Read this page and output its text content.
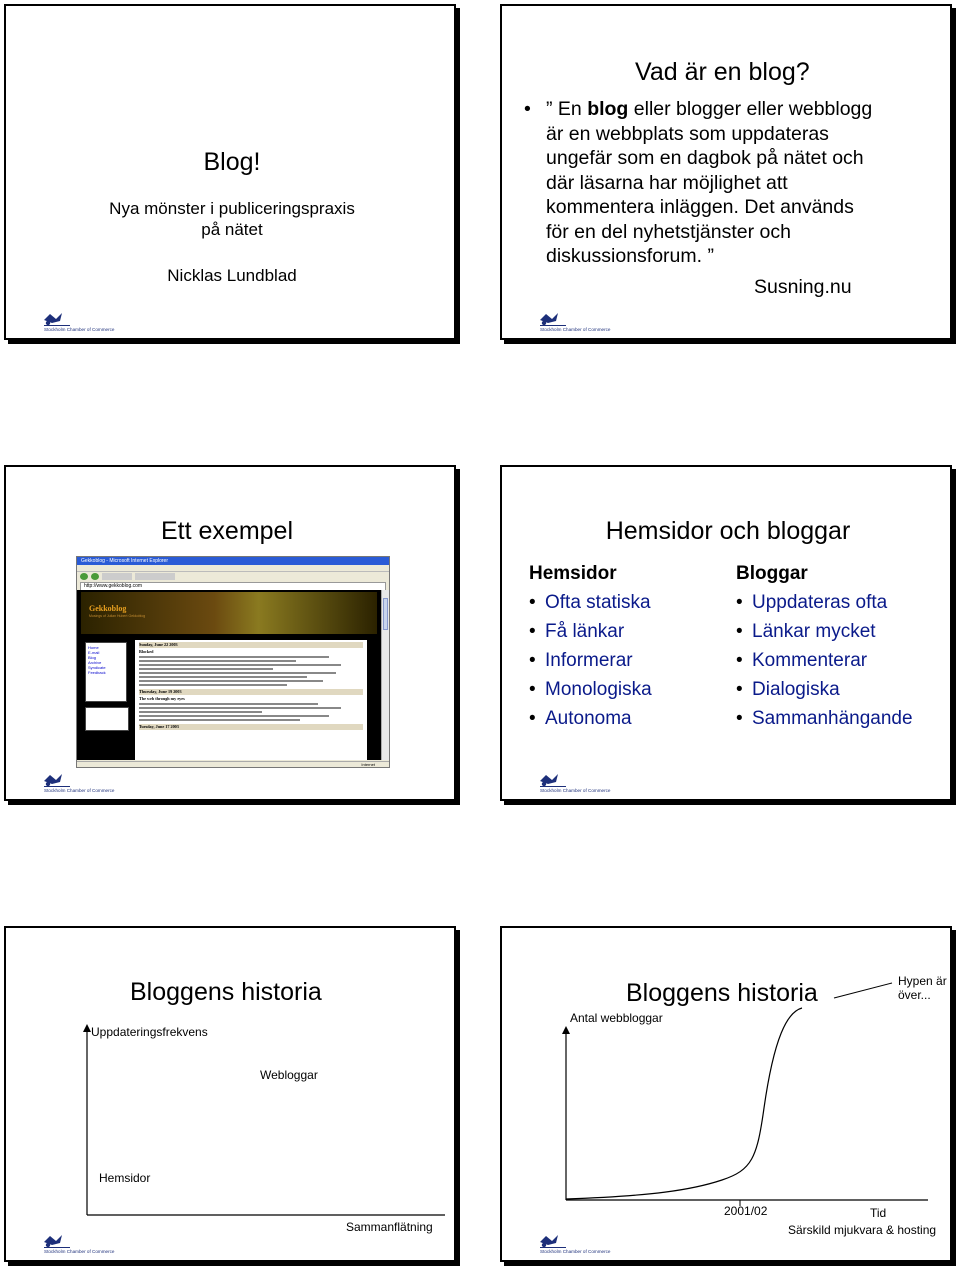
Blog!
Nya mönster i publiceringspraxis
på nätet
Nicklas Lundblad
Stockholm Chamber of Commerce
Vad är en blog?
• ” En blog eller blogger eller webblogg
är en webbplats som uppdateras
ungefär som en dagbok på nätet och
där läsarna har möjlighet att
kommentera inläggen. Det används
för en del nyhetstjänster och
diskussionsforum. ”
Susning.nu
Stockholm Chamber of Commerce
Ett exempel
Gekkoblog - Microsoft Internet Explorer
http://www.gekkoblog.com
Gekkoblog
Musings of Julian Hubert Gekkoblog
Home
E-mail
Blog
Archive
Syndicate
Feedback
Sunday, June 22 2003
Blocked
Thursday, June 19 2003
The web through my eyes
Tuesday, June 17 2003
Internet
Stockholm Chamber of Commerce
Hemsidor och bloggar
Hemsidor
• Ofta statiska
• Få länkar
• Informerar
• Monologiska
• Autonoma
Bloggar
• Uppdateras ofta
• Länkar mycket
• Kommenterar
• Dialogiska
• Sammanhängande
Stockholm Chamber of Commerce
Bloggens historia
Uppdateringsfrekvens
Webloggar
Hemsidor
Sammanflätning
Stockholm Chamber of Commerce
Bloggens historia
Antal webbloggar
Hypen är
över...
2001/02	Tid
Särskild mjukvara & hosting
Stockholm Chamber of Commerce
